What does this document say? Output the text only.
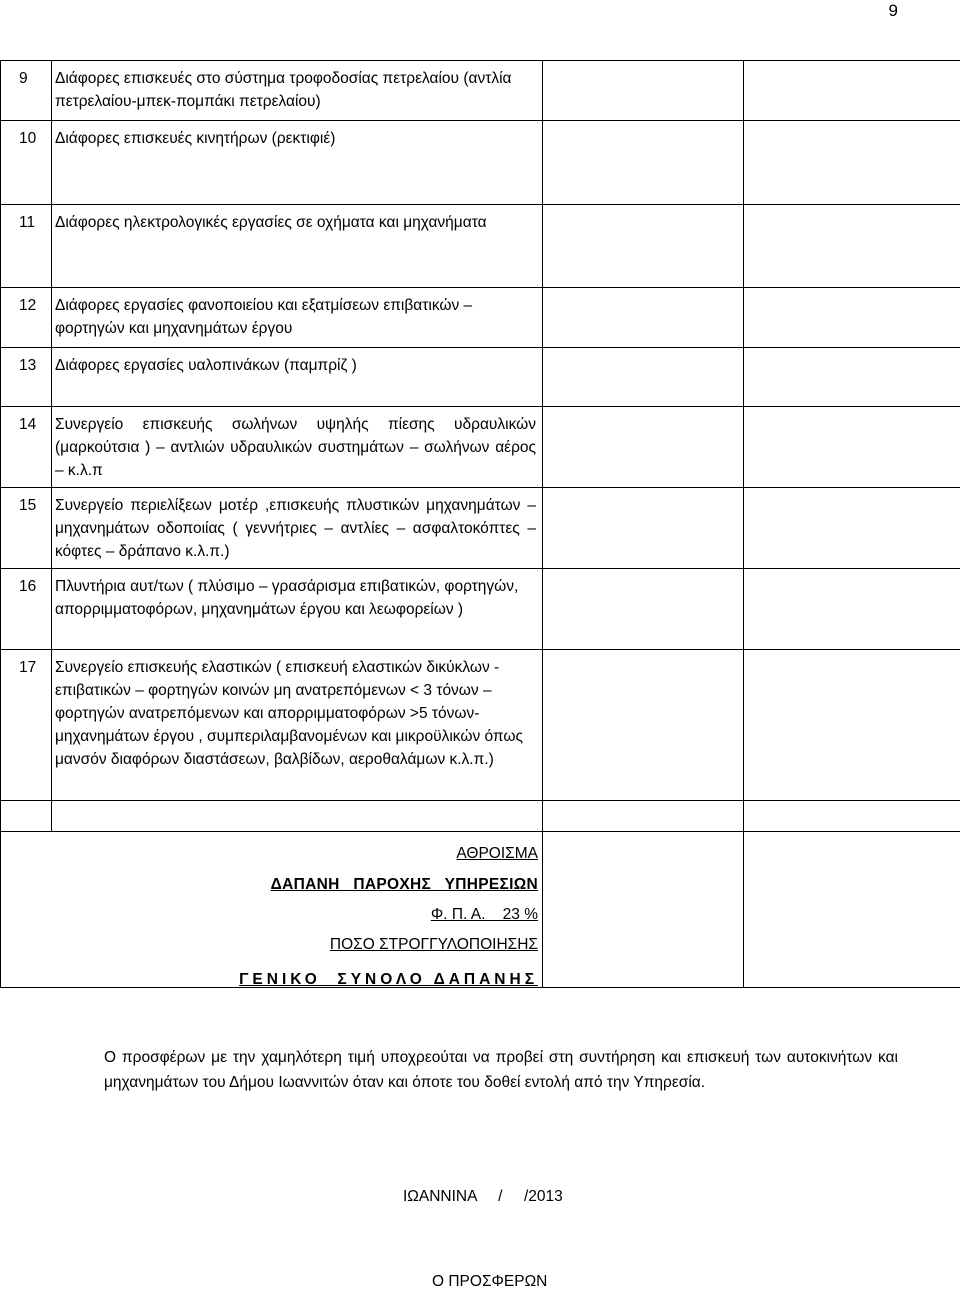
9
9	Διάφορες επισκευές στο σύστημα τροφοδοσίας πετρελαίου (αντλία πετρελαίου-μπεκ-πομπάκι πετρελαίου)		

10	Διάφορες επισκευές κινητήρων (ρεκτιφιέ)		

11	Διάφορες ηλεκτρολογικές εργασίες σε οχήματα και μηχανήματα		

12	Διάφορες εργασίες φανοποιείου και εξατμίσεων επιβατικών – φορτηγών και μηχανημάτων έργου		

13	Διάφορες εργασίες υαλοπινάκων (παμπρίζ )		

14	Συνεργείο επισκευής σωλήνων υψηλής πίεσης υδραυλικών (μαρκούτσια ) – αντλιών υδραυλικών συστημάτων – σωλήνων αέρος – κ.λ.π		

15	Συνεργείο περιελίξεων μοτέρ ,επισκευής πλυστικών μηχανημάτων – μηχανημάτων οδοποιίας ( γεννήτριες – αντλίες – ασφαλτοκόπτες – κόφτες – δράπανο κ.λ.π.)		

16	Πλυντήρια αυτ/των ( πλύσιμο – γρασάρισμα επιβατικών, φορτηγών, απορριμματοφόρων, μηχανημάτων έργου και λεωφορείων )		

17	Συνεργείο επισκευής ελαστικών ( επισκευή ελαστικών δικύκλων - επιβατικών – φορτηγών κοινών μη ανατρεπόμενων < 3 τόνων – φορτηγών ανατρεπόμενων και απορριμματοφόρων >5 τόνων- μηχανημάτων έργου , συμπεριλαμβανομένων και μικροϋλικών όπως μανσόν διαφόρων διαστάσεων, βαλβίδων, αεροθαλάμων κ.λ.π.)		

ΑΘΡΟΙΣΜΑ
ΔΑΠΑΝΗ   ΠΑΡΟΧΗΣ   ΥΠΗΡΕΣΙΩΝ
Φ. Π. Α.    23 %
ΠΟΣΟ ΣΤΡΟΓΓΥΛΟΠΟΙΗΣΗΣ
ΓΕΝΙΚΟ  ΣΥΝΟΛΟ ΔΑΠΑΝΗΣ			

Ο προσφέρων με την χαμηλότερη τιμή υποχρεούται να προβεί στη συντήρηση και επισκευή των αυτοκινήτων και μηχανημάτων του Δήμου Ιωαννιτών όταν και όποτε του δοθεί εντολή από την Υπηρεσία.
ΙΩΑΝΝΙΝΑ     /     /2013
Ο ΠΡΟΣΦΕΡΩΝ
